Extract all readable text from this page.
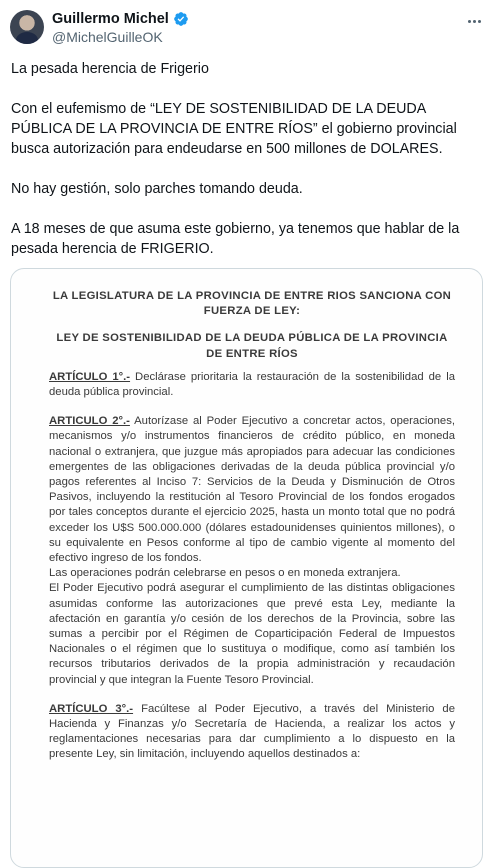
Guillermo Michel
@MichelGuilleOK

La pesada herencia de Frigerio

Con el eufemismo de “LEY DE SOSTENIBILIDAD DE LA DEUDA PÚBLICA DE LA PROVINCIA DE ENTRE RÍOS” el gobierno provincial busca autorización para endeudarse en 500 millones de DOLARES.

No hay gestión, solo parches tomando deuda.

A 18 meses de que asuma este gobierno, ya tenemos que hablar de la pesada herencia de FRIGERIO.

LA LEGISLATURA DE LA PROVINCIA DE ENTRE RIOS SANCIONA CON FUERZA DE LEY:
LEY DE SOSTENIBILIDAD DE LA DEUDA PÚBLICA DE LA PROVINCIA DE ENTRE RÍOS
ARTÍCULO 1°.- Declárase prioritaria la restauración de la sostenibilidad de la deuda pública provincial.
ARTICULO 2°.- Autorízase al Poder Ejecutivo a concretar actos, operaciones, mecanismos y/o instrumentos financieros de crédito público, en moneda nacional o extranjera, que juzgue más apropiados para adecuar las condiciones emergentes de las obligaciones derivadas de la deuda pública provincial y/o pagos referentes al Inciso 7: Servicios de la Deuda y Disminución de Otros Pasivos, incluyendo la restitución al Tesoro Provincial de los fondos erogados por tales conceptos durante el ejercicio 2025, hasta un monto total que no podrá exceder los U$S 500.000.000 (dólares estadounidenses quinientos millones), o su equivalente en Pesos conforme al tipo de cambio vigente al momento del efectivo ingreso de los fondos.
Las operaciones podrán celebrarse en pesos o en moneda extranjera.
El Poder Ejecutivo podrá asegurar el cumplimiento de las distintas obligaciones asumidas conforme las autorizaciones que prevé esta Ley, mediante la afectación en garantía y/o cesión de los derechos de la Provincia, sobre las sumas a percibir por el Régimen de Coparticipación Federal de Impuestos Nacionales o el régimen que lo sustituya o modifique, como así también los recursos tributarios derivados de la propia administración y recaudación provincial y que integran la Fuente Tesoro Provincial.
ARTÍCULO 3°.- Facúltese al Poder Ejecutivo, a través del Ministerio de Hacienda y Finanzas y/o Secretaría de Hacienda, a realizar los actos y reglamentaciones necesarias para dar cumplimiento a lo dispuesto en la presente Ley, sin limitación, incluyendo aquellos destinados a:
